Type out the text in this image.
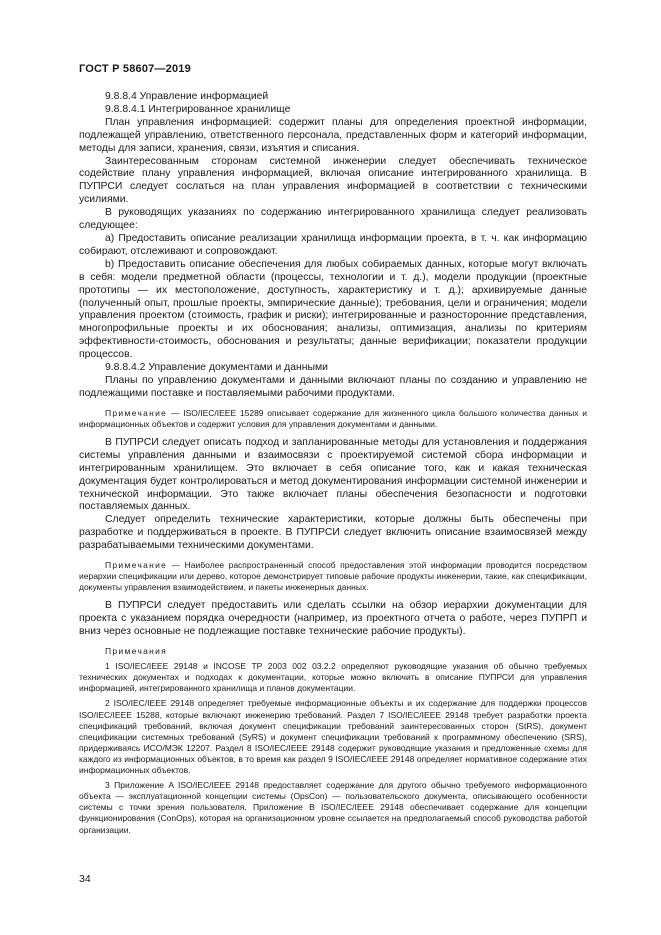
ГОСТ Р 58607—2019

9.8.8.4 Управление информацией

9.8.8.4.1 Интегрированное хранилище

План управления информацией: содержит планы для определения проектной информации, подлежащей управлению, ответственного персонала, представленных форм и категорий информации, методы для записи, хранения, связи, изъятия и списания.

Заинтересованным сторонам системной инженерии следует обеспечивать техническое содействие плану управления информацией, включая описание интегрированного хранилища. В ПУПРСИ следует сослаться на план управления информацией в соответствии с техническими усилиями.

В руководящих указаниях по содержанию интегрированного хранилища следует реализовать следующее:

а) Предоставить описание реализации хранилища информации проекта, в т. ч. как информацию собирают, отслеживают и сопровождают.

b) Предоставить описание обеспечения для любых собираемых данных, которые могут включать в себя: модели предметной области (процессы, технологии и т. д.), модели продукции (проектные прототипы — их местоположение, доступность, характеристику и т. д.); архивируемые данные (полученный опыт, прошлые проекты, эмпирические данные); требования, цели и ограничения; модели управления проектом (стоимость, график и риски); интегрированные и разносторонние представления, многопрофильные проекты и их обоснования; анализы, оптимизация, анализы по критериям эффективности-стоимость, обоснования и результаты; данные верификации; показатели продукции процессов.

9.8.8.4.2 Управление документами и данными

Планы по управлению документами и данными включают планы по созданию и управлению не подлежащими поставке и поставляемыми рабочими продуктами.

Примечание — ISO/IEC/IEEE 15289 описывает содержание для жизненного цикла большого количества данных и информационных объектов и содержит условия для управления документами и данными.

В ПУПРСИ следует описать подход и запланированные методы для установления и поддержания системы управления данными и взаимосвязи с проектируемой системой сбора информации и интегрированным хранилищем. Это включает в себя описание того, как и какая техническая документация будет контролироваться и метод документирования информации системной инженерии и технической информации. Это также включает планы обеспечения безопасности и подготовки поставляемых данных.

Следует определить технические характеристики, которые должны быть обеспечены при разработке и поддерживаться в проекте. В ПУПРСИ следует включить описание взаимосвязей между разрабатываемыми техническими документами.

Примечание — Наиболее распространенный способ предоставления этой информации проводится посредством иерархии спецификации или дерево, которое демонстрирует типовые рабочие продукты инженерии, такие, как спецификации, документы управления взаимодействием, и пакеты инженерных данных.

В ПУПРСИ следует предоставить или сделать ссылки на обзор иерархии документации для проекта с указанием порядка очередности (например, из проектного отчета о работе, через ПУПРП и вниз через основные не подлежащие поставке технические рабочие продукты).

Примечания

1 ISO/IEC/IEEE 29148 и INCOSE TP 2003 002 03.2.2 определяют руководящие указания об обычно требуемых технических документах и подходах к документации, которые можно включить в описание ПУПРСИ для управления информацией, интегрированного хранилища и планов документации.

2 ISO/IEC/IEEE 29148 определяет требуемые информационные объекты и их содержание для поддержки процессов ISO/IEC/IEEE 15288, которые включают инженерию требований. Раздел 7 ISO/IEC/IEEE 29148 требует разработки проекта спецификаций требований, включая документ спецификации требований заинтересованных сторон (StRS), документ спецификации системных требований (SyRS) и документ спецификации требований к программному обеспечению (SRS), придерживаясь ИСО/МЭК 12207. Раздел 8 ISO/IEC/IEEE 29148 содержит руководящие указания и предложенные схемы для каждого из информационных объектов, в то время как раздел 9 ISO/IEC/IEEE 29148 определяет нормативное содержание этих информационных объектов.

3 Приложение A ISO/IEC/IEEE 29148 предоставляет содержание для другого обычно требуемого информационного объекта — эксплуатационной концепции системы (OpsCon) — пользовательского документа, описывающего особенности системы с точки зрения пользователя. Приложение B ISO/IEC/IEEE 29148 обеспечивает содержание для концепции функционирования (ConOps), которая на организационном уровне ссылается на предполагаемый способ руководства работой организации.

34
